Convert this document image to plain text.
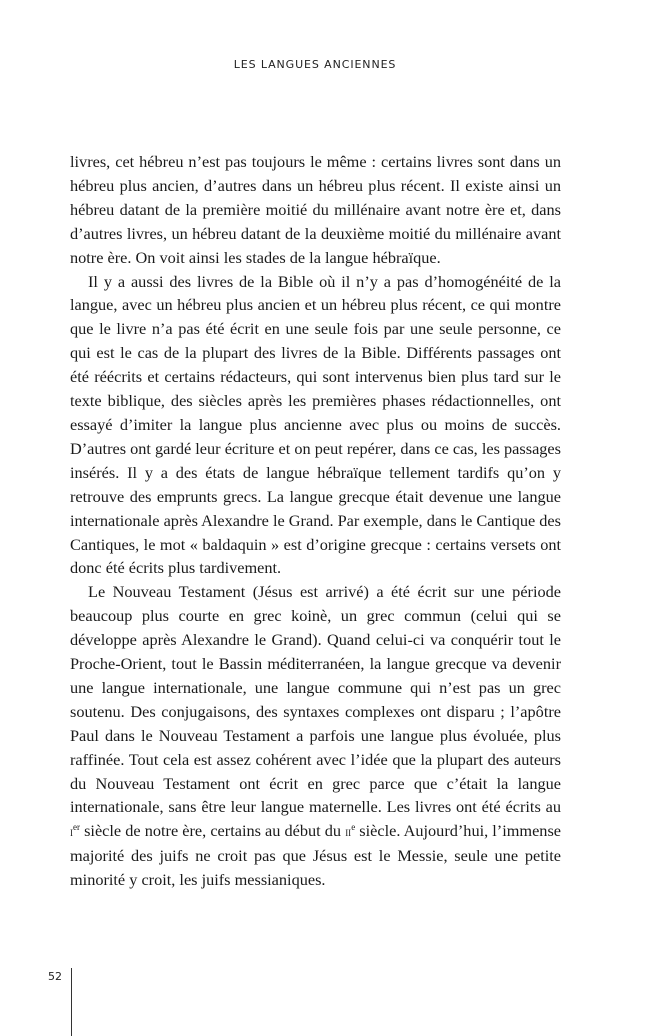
LES LANGUES ANCIENNES

livres, cet hébreu n’est pas toujours le même : certains livres sont dans un hébreu plus ancien, d’autres dans un hébreu plus récent. Il existe ainsi un hébreu datant de la première moitié du millénaire avant notre ère et, dans d’autres livres, un hébreu datant de la deuxième moitié du millénaire avant notre ère. On voit ainsi les stades de la langue hébraïque.

Il y a aussi des livres de la Bible où il n’y a pas d’homogénéité de la langue, avec un hébreu plus ancien et un hébreu plus récent, ce qui montre que le livre n’a pas été écrit en une seule fois par une seule personne, ce qui est le cas de la plupart des livres de la Bible. Différents passages ont été réécrits et certains rédacteurs, qui sont intervenus bien plus tard sur le texte biblique, des siècles après les premières phases rédactionnelles, ont essayé d’imiter la langue plus ancienne avec plus ou moins de succès. D’autres ont gardé leur écriture et on peut repérer, dans ce cas, les passages insérés. Il y a des états de langue hébraïque tellement tardifs qu’on y retrouve des emprunts grecs. La langue grecque était devenue une langue internationale après Alexandre le Grand. Par exemple, dans le Cantique des Cantiques, le mot « baldaquin » est d’origine grecque : certains versets ont donc été écrits plus tardivement.

Le Nouveau Testament (Jésus est arrivé) a été écrit sur une période beaucoup plus courte en grec koinè, un grec commun (celui qui se développe après Alexandre le Grand). Quand celui-ci va conquérir tout le Proche-Orient, tout le Bassin méditerranéen, la langue grecque va devenir une langue internationale, une langue commune qui n’est pas un grec soutenu. Des conjugaisons, des syntaxes complexes ont disparu ; l’apôtre Paul dans le Nouveau Testament a parfois une langue plus évoluée, plus raffinée. Tout cela est assez cohérent avec l’idée que la plupart des auteurs du Nouveau Testament ont écrit en grec parce que c’était la langue internationale, sans être leur langue maternelle. Les livres ont été écrits au $i^{er}$ siècle de notre ère, certains au début du $ii^e$ siècle. Aujourd’hui, l’immense majorité des juifs ne croit pas que Jésus est le Messie, seule une petite minorité y croit, les juifs messianiques.

52
